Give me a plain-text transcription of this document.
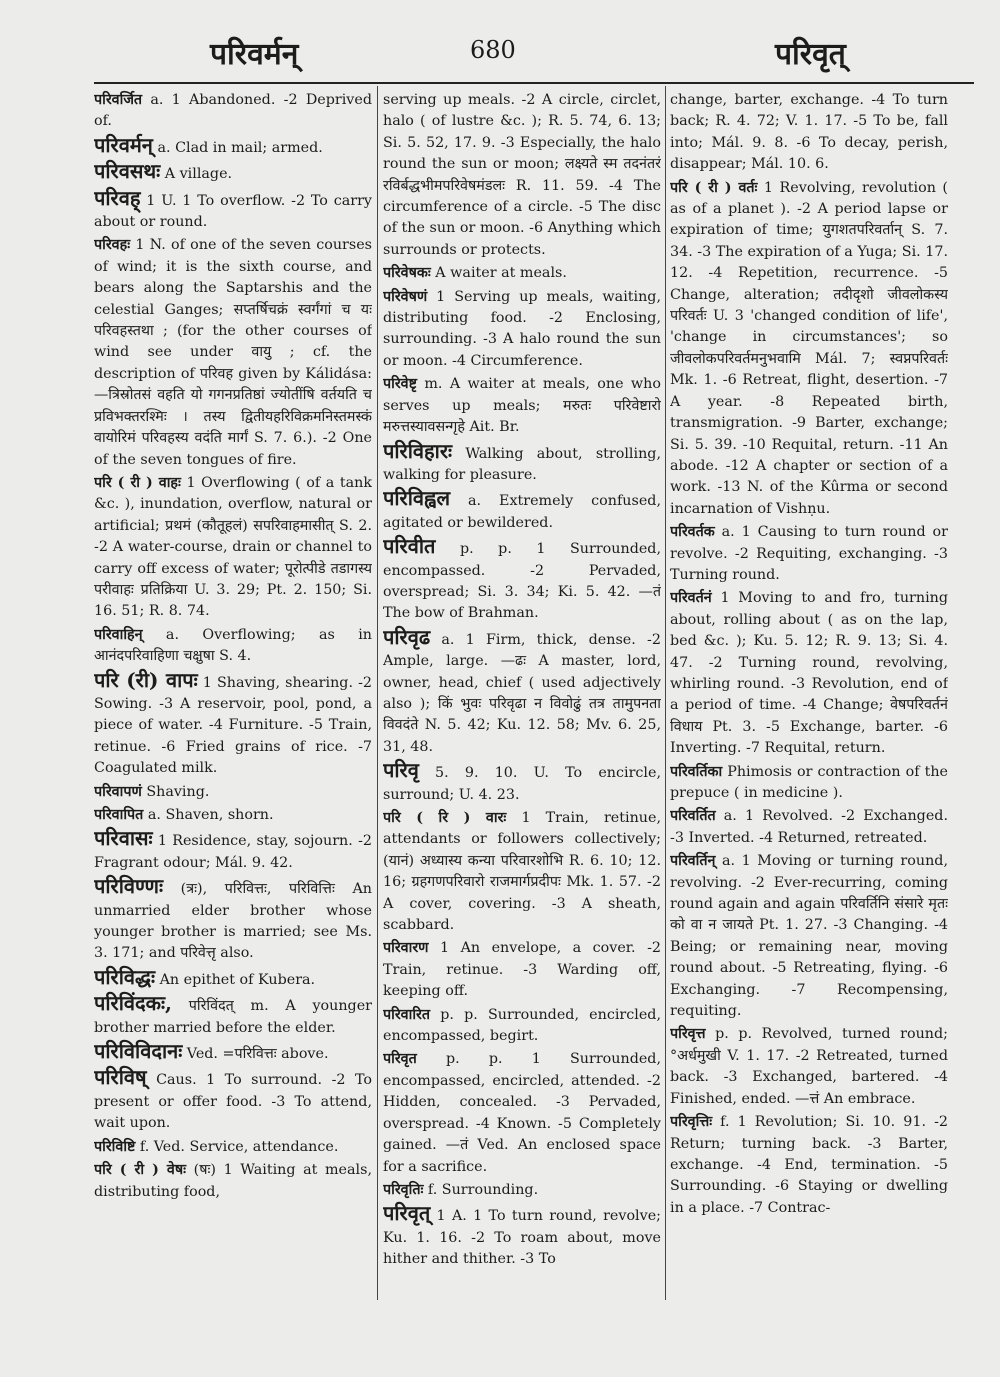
परिवर्मन्	680	परिवृत्

परिवर्जित a. 1 Abandoned. -2 Deprived of.

परिवर्मन् a. Clad in mail; armed.

परिवसथः A village.

परिवह् 1 U. 1 To overflow. -2 To carry about or round.

परिवहः 1 N. of one of the seven courses of wind; it is the sixth course, and bears along the Saptarshis and the celestial Ganges; सप्तर्षिचक्रं स्वर्गंगां च यः परिवहस्तथा ; (for the other courses of wind see under वायु ; cf. the description of परिवह given by Kálidása:—त्रिस्रोतसं वहति यो गगनप्रतिष्ठां ज्योतींषि वर्तयति च प्रविभक्तरश्मिः । तस्य द्वितीयहरिविक्रमनिस्तमस्कं वायोरिमं परिवहस्य वदंति मार्गं S. 7. 6.). -2 One of the seven tongues of fire.

परि ( री ) वाहः 1 Overflowing ( of a tank &c. ), inundation, overflow, natural or artificial; प्रथमं (कौतूहलं) सपरिवाहमासीत् S. 2. -2 A water-course, drain or channel to carry off excess of water; पूरोत्पीडे तडागस्य परीवाहः प्रतिक्रिया U. 3. 29; Pt. 2. 150; Si. 16. 51; R. 8. 74.

परिवाहिन् a. Overflowing; as in आनंदपरिवाहिणा चक्षुषा S. 4.

परि (री) वापः 1 Shaving, shearing. -2 Sowing. -3 A reservoir, pool, pond, a piece of water. -4 Furniture. -5 Train, retinue. -6 Fried grains of rice. -7 Coagulated milk.

परिवापणं Shaving.

परिवापित a. Shaven, shorn.

परिवासः 1 Residence, stay, sojourn. -2 Fragrant odour; Mál. 9. 42.

परिविण्णः (त्रः), परिवित्तः, परिवित्तिः An unmarried elder brother whose younger brother is married; see Ms. 3. 171; and परिवेत्तृ also.

परिविद्धः An epithet of Kubera.

परिविंदकः, परिविंदत् m. A younger brother married before the elder.

परिविविदानः Ved. =परिवित्तः above.

परिविष् Caus. 1 To surround. -2 To present or offer food. -3 To attend, wait upon.

परिविष्टि f. Ved. Service, attendance.

परि ( री ) वेषः (षः) 1 Waiting at meals, distributing food,

serving up meals. -2 A circle, circlet, halo ( of lustre &c. ); R. 5. 74, 6. 13; Si. 5. 52, 17. 9. -3 Especially, the halo round the sun or moon; लक्ष्यते स्म तदनंतरं रविर्बद्धभीमपरिवेषमंडलः R. 11. 59. -4 The circumference of a circle. -5 The disc of the sun or moon. -6 Anything which surrounds or protects.

परिवेषकः A waiter at meals.

परिवेषणं 1 Serving up meals, waiting, distributing food. -2 Enclosing, surrounding. -3 A halo round the sun or moon. -4 Circumference.

परिवेष्टृ m. A waiter at meals, one who serves up meals; मरुतः परिवेष्टारो मरुत्तस्यावसन्गृहे Ait. Br.

परिविहारः Walking about, strolling, walking for pleasure.

परिविह्वल a. Extremely confused, agitated or bewildered.

परिवीत p. p. 1 Surrounded, encompassed. -2 Pervaded, overspread; Si. 3. 34; Ki. 5. 42. —तं The bow of Brahman.

परिवृढ a. 1 Firm, thick, dense. -2 Ample, large. —ढः A master, lord, owner, head, chief ( used adjectively also ); किं भुवः परिवृढा न विवोढुं तत्र तामुपनता विवदंते N. 5. 42; Ku. 12. 58; Mv. 6. 25, 31, 48.

परिवृ 5. 9. 10. U. To encircle, surround; U. 4. 23.

परि ( रि ) वारः 1 Train, retinue, attendants or followers collectively; (यानं) अध्यास्य कन्या परिवारशोभि R. 6. 10; 12. 16; ग्रहगणपरिवारो राजमार्गप्रदीपः Mk. 1. 57. -2 A cover, covering. -3 A sheath, scabbard.

परिवारण 1 An envelope, a cover. -2 Train, retinue. -3 Warding off, keeping off.

परिवारित p. p. Surrounded, encircled, encompassed, begirt.

परिवृत p. p. 1 Surrounded, encompassed, encircled, attended. -2 Hidden, concealed. -3 Pervaded, overspread. -4 Known. -5 Completely gained. —तं Ved. An enclosed space for a sacrifice.

परिवृतिः f. Surrounding.

परिवृत् 1 A. 1 To turn round, revolve; Ku. 1. 16. -2 To roam about, move hither and thither. -3 To

change, barter, exchange. -4 To turn back; R. 4. 72; V. 1. 17. -5 To be, fall into; Mál. 9. 8. -6 To decay, perish, disappear; Mál. 10. 6.

परि ( री ) वर्तः 1 Revolving, revolution ( as of a planet ). -2 A period lapse or expiration of time; युगशतपरिवर्तान् S. 7. 34. -3 The expiration of a Yuga; Si. 17. 12. -4 Repetition, recurrence. -5 Change, alteration; तदीदृशो जीवलोकस्य परिवर्तः U. 3 'changed condition of life', 'change in circumstances'; so जीवलोकपरिवर्तमनुभवामि Mál. 7; स्वप्नपरिवर्तः Mk. 1. -6 Retreat, flight, desertion. -7 A year. -8 Repeated birth, transmigration. -9 Barter, exchange; Si. 5. 39. -10 Requital, return. -11 An abode. -12 A chapter or section of a work. -13 N. of the Kûrma or second incarnation of Vishṇu.

परिवर्तक a. 1 Causing to turn round or revolve. -2 Requiting, exchanging. -3 Turning round.

परिवर्तनं 1 Moving to and fro, turning about, rolling about ( as on the lap, bed &c. ); Ku. 5. 12; R. 9. 13; Si. 4. 47. -2 Turning round, revolving, whirling round. -3 Revolution, end of a period of time. -4 Change; वेषपरिवर्तनं विधाय Pt. 3. -5 Exchange, barter. -6 Inverting. -7 Requital, return.

परिवर्तिका Phimosis or contraction of the prepuce ( in medicine ).

परिवर्तित a. 1 Revolved. -2 Exchanged. -3 Inverted. -4 Returned, retreated.

परिवर्तिन् a. 1 Moving or turning round, revolving. -2 Ever-recurring, coming round again and again परिवर्तिनि संसारे मृतः को वा न जायते Pt. 1. 27. -3 Changing. -4 Being; or remaining near, moving round about. -5 Retreating, flying. -6 Exchanging. -7 Recompensing, requiting.

परिवृत्त p. p. Revolved, turned round; °अर्धमुखी V. 1. 17. -2 Retreated, turned back. -3 Exchanged, bartered. -4 Finished, ended. —त्तं An embrace.

परिवृत्तिः f. 1 Revolution; Si. 10. 91. -2 Return; turning back. -3 Barter, exchange. -4 End, termination. -5 Surrounding. -6 Staying or dwelling in a place. -7 Contrac-
